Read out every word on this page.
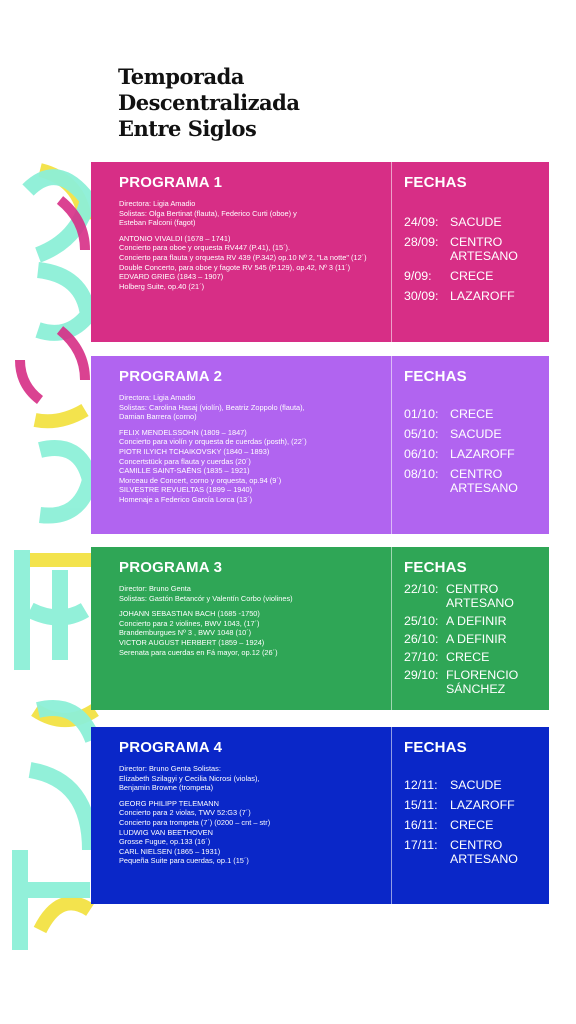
Temporada
Descentralizada
Entre Siglos
PROGRAMA 1
Directora: Ligia Amadio
Solistas: Olga Bertinat (flauta), Federico Curti (oboe) y
Esteban Falconi (fagot)
ANTONIO VIVALDI (1678 – 1741)
Concierto para oboe y orquesta RV447 (P.41), (15´).
Concierto para flauta y orquesta RV 439 (P.342) op.10 Nº 2, "La notte" (12´)
Double Concerto, para oboe y fagote RV 545 (P.129), op.42, Nº 3 (11´)
EDVARD GRIEG (1843 – 1907)
Holberg Suite, op.40 (21´)
FECHAS
24/09: SACUDE
28/09: CENTRO
ARTESANO
9/09:	CRECE
30/09: LAZAROFF
PROGRAMA 2
Directora: Ligia Amadio
Solistas: Carolina Hasaj (violín), Beatriz Zoppolo (flauta),
Damian Barrera (corno)
FELIX MENDELSSOHN (1809 – 1847)
Concierto para violín y orquesta de cuerdas (posth), (22´)
PIOTR ILYICH TCHAIKOVSKY (1840 – 1893)
Concertstück para flauta y cuerdas (20´)
CAMILLE SAINT-SAËNS (1835 – 1921)
Morceau de Concert, corno y orquesta, op.94 (9´)
SILVESTRE REVUELTAS (1899 – 1940)
Homenaje a Federico García Lorca (13´)
FECHAS
01/10: CRECE
05/10: SACUDE
06/10: LAZAROFF
08/10: CENTRO
ARTESANO
PROGRAMA 3
Director: Bruno Genta
Solistas: Gastón Betancór y Valentín Corbo (violines)
JOHANN SEBASTIAN BACH (1685 -1750)
Concierto para 2 violines, BWV 1043, (17´)
Brandemburgues Nº 3 , BWV 1048 (10´)
VICTOR AUGUST HERBERT (1859 – 1924)
Serenata para cuerdas en Fá mayor, op.12 (26´)
FECHAS
22/10: CENTRO
ARTESANO
25/10: A DEFINIR
26/10: A DEFINIR
27/10: CRECE
29/10: FLORENCIO
SÁNCHEZ
PROGRAMA 4
Director: Bruno Genta Solistas:
Elizabeth Szilagyi y Cecilia Nicrosi (violas),
Benjamin Browne (trompeta)
GEORG PHILIPP TELEMANN
Concierto para 2 violas, TWV 52:G3 (7´)
Concierto para trompeta (7´) (0200 – cnt – str)
LUDWIG VAN BEETHOVEN
Grosse Fugue, op.133 (16´)
CARL NIELSEN (1865 – 1931)
Pequeña Suite para cuerdas, op.1 (15´)
FECHAS
12/11:	SACUDE
15/11:	LAZAROFF
16/11:	CRECE
17/11:	CENTRO
ARTESANO
